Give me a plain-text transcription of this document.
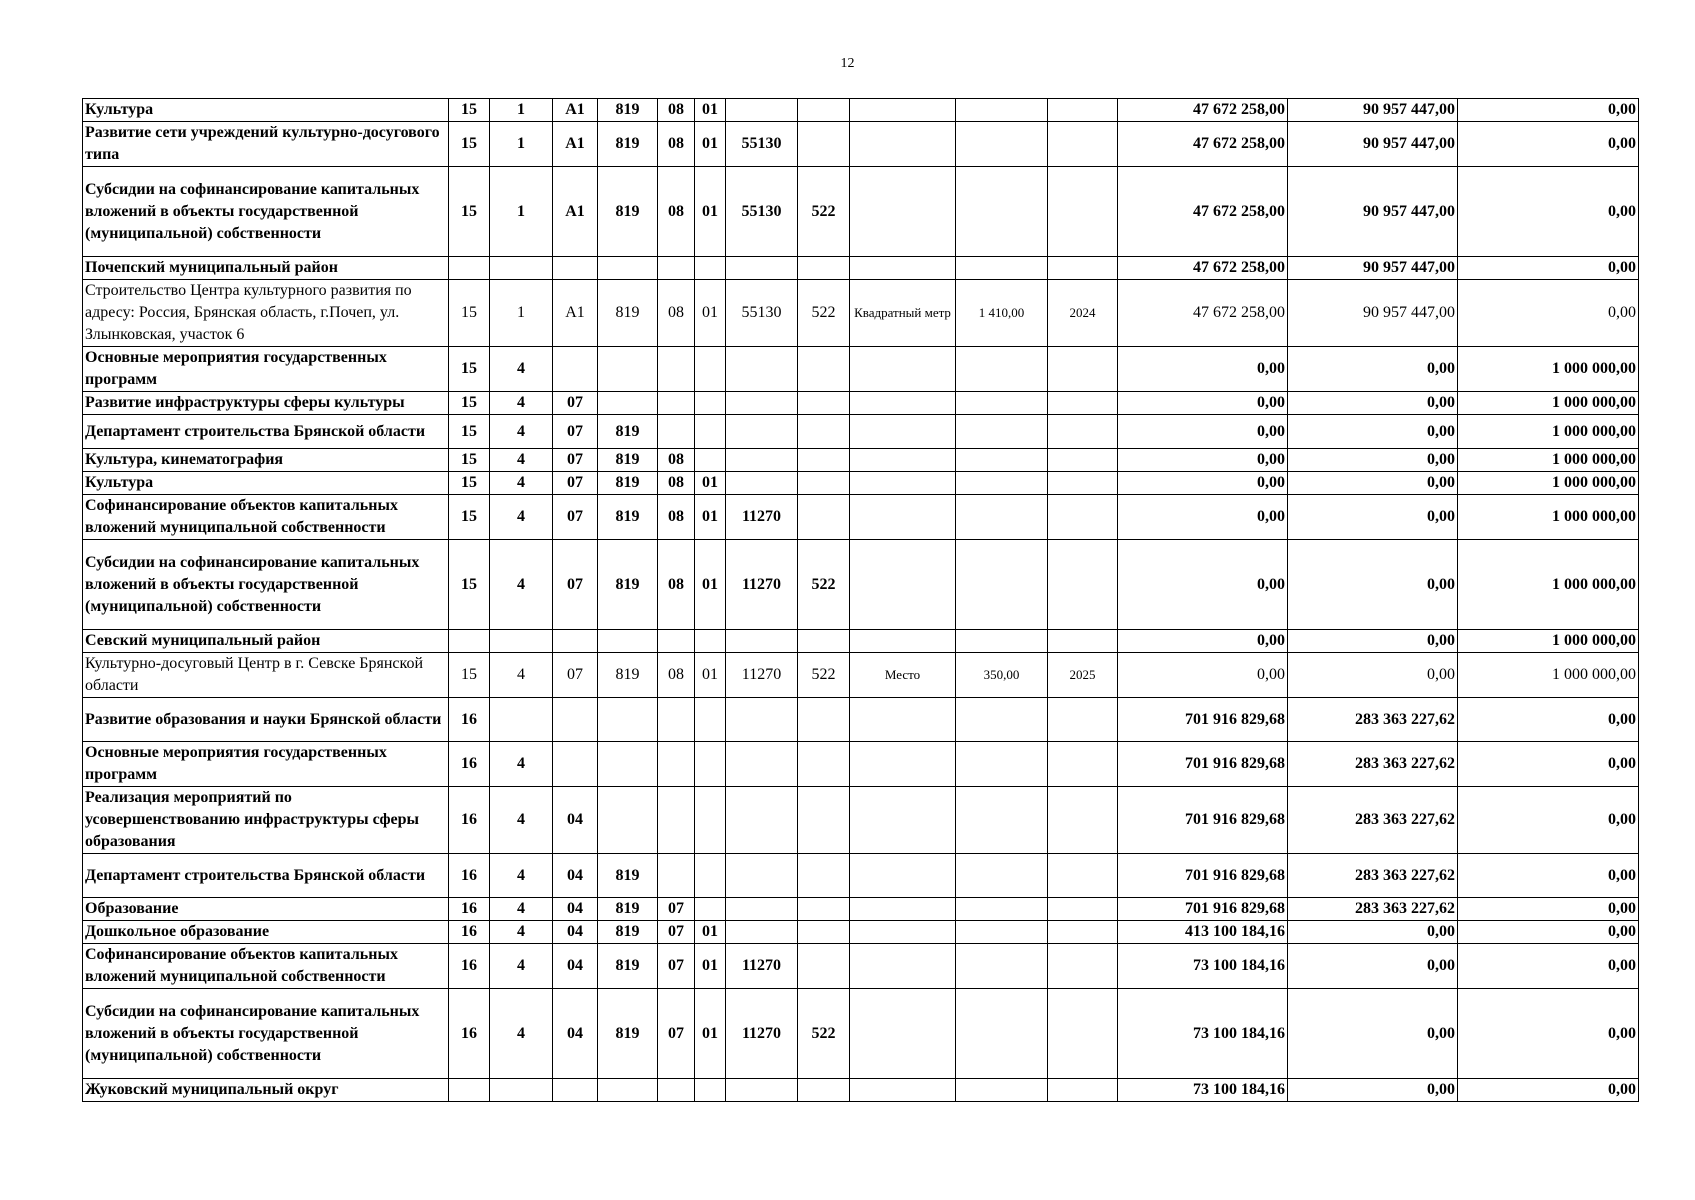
12
Культура	15	1	A1	819	08	01						47 672 258,00	90 957 447,00	0,00
Развитие сети учреждений культурно-досугового типа	15	1	A1	819	08	01	55130					47 672 258,00	90 957 447,00	0,00
Субсидии на софинансирование капитальных вложений в объекты государственной (муниципальной) собственности	15	1	A1	819	08	01	55130	522				47 672 258,00	90 957 447,00	0,00
Почепский муниципальный район												47 672 258,00	90 957 447,00	0,00
Строительство Центра культурного развития по адресу: Россия, Брянская область, г.Почеп, ул. Злынковская, участок 6	15	1	A1	819	08	01	55130	522	Квадратный метр	1 410,00	2024	47 672 258,00	90 957 447,00	0,00
Основные мероприятия государственных программ	15	4										0,00	0,00	1 000 000,00
Развитие инфраструктуры сферы культуры	15	4	07									0,00	0,00	1 000 000,00
Департамент строительства Брянской области	15	4	07	819								0,00	0,00	1 000 000,00
Культура, кинематография	15	4	07	819	08							0,00	0,00	1 000 000,00
Культура	15	4	07	819	08	01						0,00	0,00	1 000 000,00
Софинансирование объектов капитальных вложений муниципальной собственности	15	4	07	819	08	01	11270					0,00	0,00	1 000 000,00
Субсидии на софинансирование капитальных вложений в объекты государственной (муниципальной) собственности	15	4	07	819	08	01	11270	522				0,00	0,00	1 000 000,00
Севский муниципальный район												0,00	0,00	1 000 000,00
Культурно-досуговый Центр в г. Севске Брянской области	15	4	07	819	08	01	11270	522	Место	350,00	2025	0,00	0,00	1 000 000,00
Развитие образования и науки Брянской области	16											701 916 829,68	283 363 227,62	0,00
Основные мероприятия государственных программ	16	4										701 916 829,68	283 363 227,62	0,00
Реализация мероприятий по усовершенствованию инфраструктуры сферы образования	16	4	04									701 916 829,68	283 363 227,62	0,00
Департамент строительства Брянской области	16	4	04	819								701 916 829,68	283 363 227,62	0,00
Образование	16	4	04	819	07							701 916 829,68	283 363 227,62	0,00
Дошкольное образование	16	4	04	819	07	01						413 100 184,16	0,00	0,00
Софинансирование объектов капитальных вложений муниципальной собственности	16	4	04	819	07	01	11270					73 100 184,16	0,00	0,00
Субсидии на софинансирование капитальных вложений в объекты государственной (муниципальной) собственности	16	4	04	819	07	01	11270	522				73 100 184,16	0,00	0,00
Жуковский муниципальный округ												73 100 184,16	0,00	0,00
